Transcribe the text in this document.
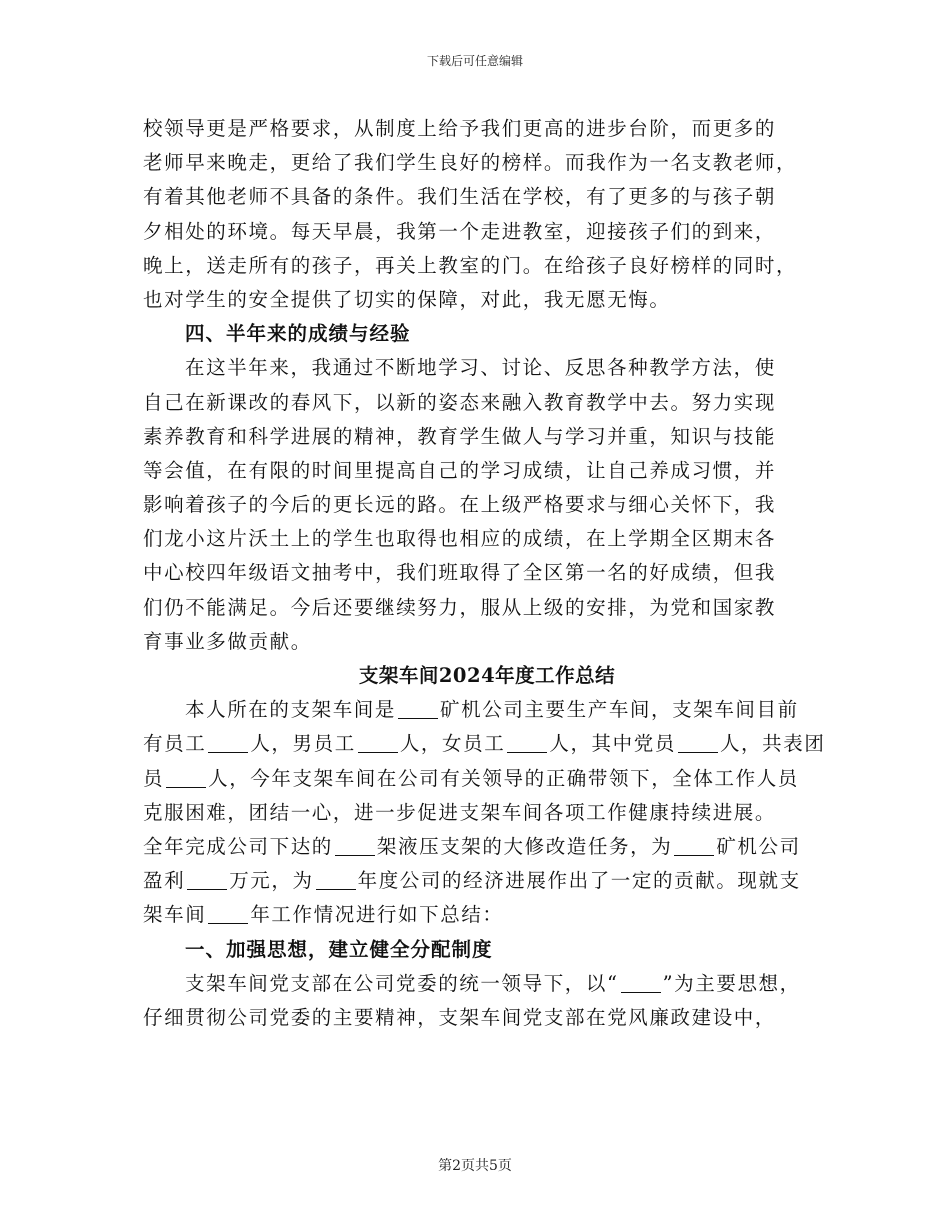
下载后可任意编辑
校领导更是严格要求，从制度上给予我们更高的进步台阶，而更多的
老师早来晚走，更给了我们学生良好的榜样。而我作为一名支教老师，
有着其他老师不具备的条件。我们生活在学校，有了更多的与孩子朝
夕相处的环境。每天早晨，我第一个走进教室，迎接孩子们的到来，
晚上，送走所有的孩子，再关上教室的门。在给孩子良好榜样的同时，
也对学生的安全提供了切实的保障，对此，我无愿无悔。
四、半年来的成绩与经验
在这半年来，我通过不断地学习、讨论、反思各种教学方法，使
自己在新课改的春风下，以新的姿态来融入教育教学中去。努力实现
素养教育和科学进展的精神，教育学生做人与学习并重，知识与技能
等会值，在有限的时间里提高自己的学习成绩，让自己养成习惯，并
影响着孩子的今后的更长远的路。在上级严格要求与细心关怀下，我
们龙小这片沃土上的学生也取得也相应的成绩，在上学期全区期末各
中心校四年级语文抽考中，我们班取得了全区第一名的好成绩，但我
们仍不能满足。今后还要继续努力，服从上级的安排，为党和国家教
育事业多做贡献。
支架车间2024年度工作总结
本人所在的支架车间是 矿机公司主要生产车间，支架车间目前
有员工 人，男员工 人，女员工 人，其中党员 人，共表团
员 人，今年支架车间在公司有关领导的正确带领下，全体工作人员
克服困难，团结一心，进一步促进支架车间各项工作健康持续进展。
全年完成公司下达的 架液压支架的大修改造任务，为 矿机公司
盈利 万元，为 年度公司的经济进展作出了一定的贡献。现就支
架车间 年工作情况进行如下总结：
一、加强思想，建立健全分配制度
支架车间党支部在公司党委的统一领导下，以“ ”为主要思想，
仔细贯彻公司党委的主要精神，支架车间党支部在党风廉政建设中，
第2页共5页
